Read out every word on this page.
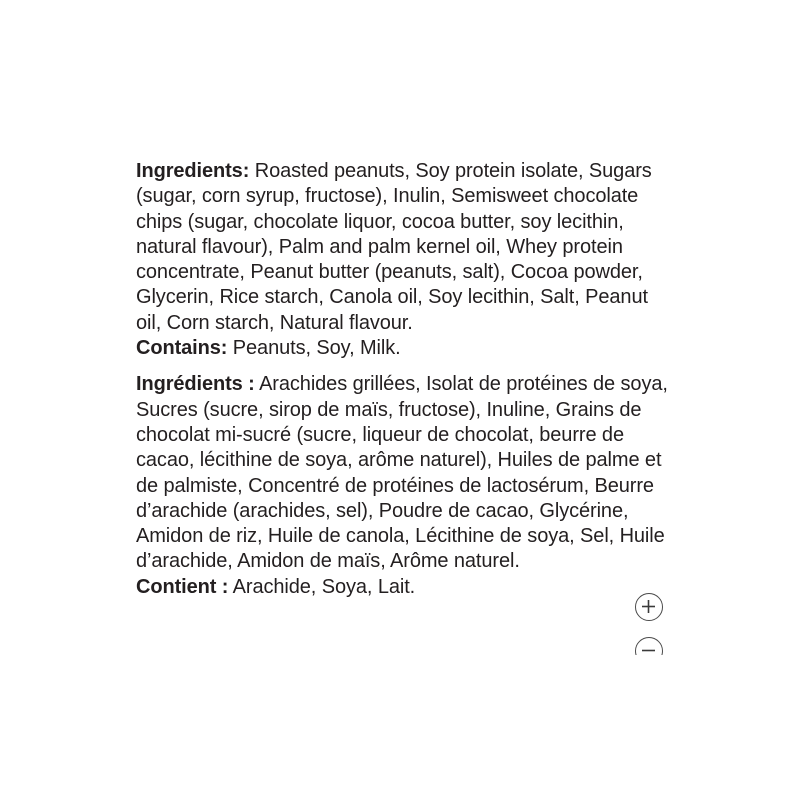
Ingredients: Roasted peanuts, Soy protein isolate, Sugars (sugar, corn syrup, fructose), Inulin, Semisweet chocolate chips (sugar, chocolate liquor, cocoa butter, soy lecithin, natural flavour), Palm and palm kernel oil, Whey protein concentrate, Peanut butter (peanuts, salt), Cocoa powder, Glycerin, Rice starch, Canola oil, Soy lecithin, Salt, Peanut oil, Corn starch, Natural flavour.

Contains: Peanuts, Soy, Milk.

Ingrédients : Arachides grillées, Isolat de protéines de soya, Sucres (sucre, sirop de maïs, fructose), Inuline, Grains de chocolat mi-sucré (sucre, liqueur de chocolat, beurre de cacao, lécithine de soya, arôme naturel), Huiles de palme et de palmiste, Concentré de protéines de lactosérum, Beurre d’arachide (arachides, sel), Poudre de cacao, Glycérine, Amidon de riz, Huile de canola, Lécithine de soya, Sel, Huile d’arachide, Amidon de maïs, Arôme naturel.

Contient : Arachide, Soya, Lait.
